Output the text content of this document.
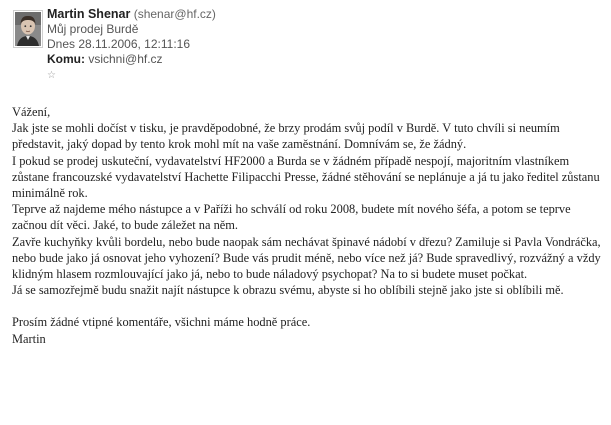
Martin Shenar (shenar@hf.cz)
Můj prodej Burdě
Dnes 28.11.2006, 12:11:16
Komu: vsichni@hf.cz
☆

Vážení,

Jak jste se mohli dočíst v tisku, je pravděpodobné, že brzy prodám svůj podíl v Burdě. V tuto chvíli si neumím představit, jaký dopad by tento krok mohl mít na vaše zaměstnání. Domnívám se, že žádný.

I pokud se prodej uskuteční, vydavatelství HF2000 a Burda se v žádném případě nespojí, majoritním vlastníkem zůstane francouzské vydavatelství Hachette Filipacchi Presse, žádné stěhování se neplánuje a já tu jako ředitel zůstanu minimálně rok.

Teprve až najdeme mého nástupce a v Paříži ho schválí od roku 2008, budete mít nového šéfa, a potom se teprve začnou dít věci. Jaké, to bude záležet na něm.

Zavře kuchyňky kvůli bordelu, nebo bude naopak sám nechávat špinavé nádobí v dřezu? Zamiluje si Pavla Vondráčka, nebo bude jako já osnovat jeho vyhození? Bude vás prudit méně, nebo více než já? Bude spravedlivý, rozvážný a vždy klidným hlasem rozmlouvající jako já, nebo to bude náladový psychopat? Na to si budete muset počkat.

Já se samozřejmě budu snažit najít nástupce k obrazu svému, abyste si ho oblíbili stejně jako jste si oblíbili mě.

Prosím žádné vtipné komentáře, všichni máme hodně práce.

Martin
